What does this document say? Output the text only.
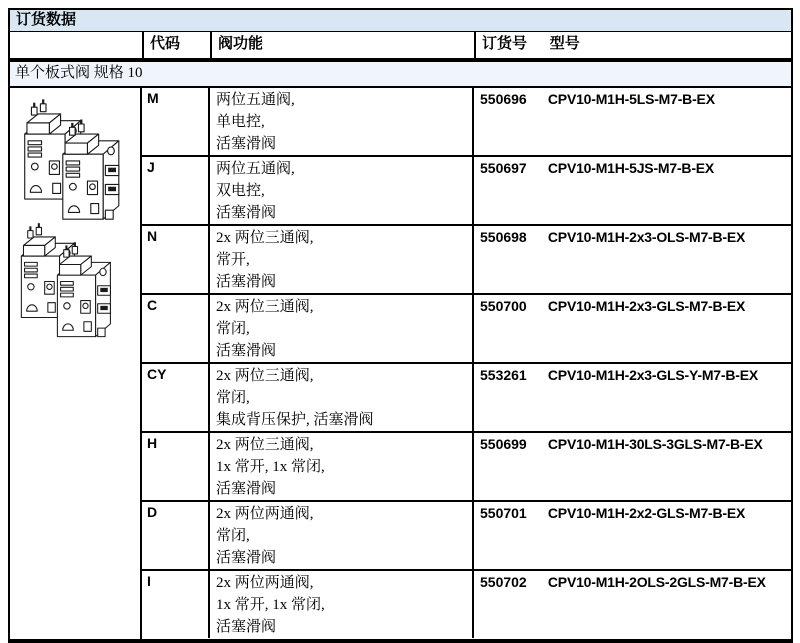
订货数据
代码	阀功能	订货号 型号
单个板式阀 规格 10
M	两位五通阀,
单电控,
活塞滑阀
550696 CPV10-M1H-5LS-M7-B-EX
J	两位五通阀,
双电控,
活塞滑阀
550697 CPV10-M1H-5JS-M7-B-EX
N	2x 两位三通阀,
常开,
活塞滑阀
550698 CPV10-M1H-2x3-OLS-M7-B-EX
C	2x 两位三通阀,
常闭,
活塞滑阀
550700 CPV10-M1H-2x3-GLS-M7-B-EX
CY	2x 两位三通阀,
常闭,
集成背压保护, 活塞滑阀
553261 CPV10-M1H-2x3-GLS-Y-M7-B-EX
H	2x 两位三通阀,
1x 常开, 1x 常闭,
活塞滑阀
550699 CPV10-M1H-30LS-3GLS-M7-B-EX
D	2x 两位两通阀,
常闭,
活塞滑阀
550701 CPV10-M1H-2x2-GLS-M7-B-EX
I	2x 两位两通阀,
1x 常开, 1x 常闭,
活塞滑阀
550702 CPV10-M1H-2OLS-2GLS-M7-B-EX
